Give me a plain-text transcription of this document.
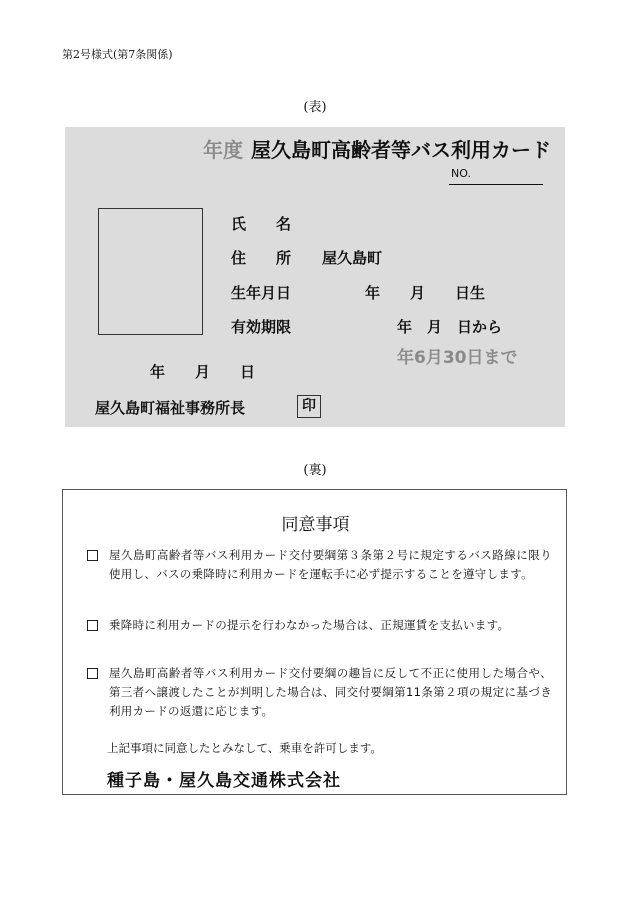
第2号様式(第7条関係)
(表)
年度 屋久島町高齢者等バス利用カード
NO.
氏　　名
住　　所 屋久島町
生年月日	年　　月　　日生
有効期限	年　月　日から
年6月30日まで
年　　月　　日
屋久島町福祉事務所長	印
(裏)
同意事項
屋久島町高齢者等バス利用カード交付要綱第３条第２号に規定するバス路線に限り使用し、バスの乗降時に利用カードを運転手に必ず提示することを遵守します。
乗降時に利用カードの提示を行わなかった場合は、正規運賃を支払います。
屋久島町高齢者等バス利用カード交付要綱の趣旨に反して不正に使用した場合や、第三者へ譲渡したことが判明した場合は、同交付要綱第11条第２項の規定に基づき利用カードの返還に応じます。
上記事項に同意したとみなして、乗車を許可します。
種子島・屋久島交通株式会社
